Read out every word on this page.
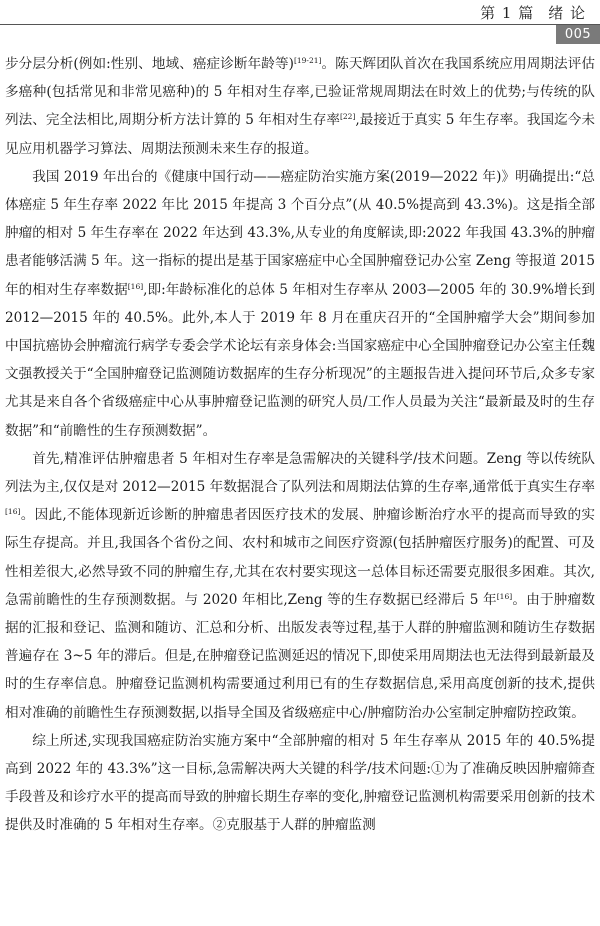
第 1 篇 绪 论
005

步分层分析(例如:性别、地域、癌症诊断年龄等)[19-21]。陈天辉团队首次在我国系统应用周期法评估多癌种(包括常见和非常见癌种)的 5 年相对生存率,已验证常规周期法在时效上的优势;与传统的队列法、完全法相比,周期分析方法计算的 5 年相对生存率[22],最接近于真实 5 年生存率。我国迄今未见应用机器学习算法、周期法预测未来生存的报道。

我国 2019 年出台的《健康中国行动——癌症防治实施方案(2019—2022 年)》明确提出:“总体癌症 5 年生存率 2022 年比 2015 年提高 3 个百分点”(从 40.5%提高到 43.3%)。这是指全部肿瘤的相对 5 年生存率在 2022 年达到 43.3%,从专业的角度解读,即:2022 年我国 43.3%的肿瘤患者能够活满 5 年。这一指标的提出是基于国家癌症中心全国肿瘤登记办公室 Zeng 等报道 2015 年的相对生存率数据[16],即:年龄标准化的总体 5 年相对生存率从 2003—2005 年的 30.9%增长到 2012—2015 年的 40.5%。此外,本人于 2019 年 8 月在重庆召开的“全国肿瘤学大会”期间参加中国抗癌协会肿瘤流行病学专委会学术论坛有亲身体会:当国家癌症中心全国肿瘤登记办公室主任魏文强教授关于“全国肿瘤登记监测随访数据库的生存分析现况”的主题报告进入提问环节后,众多专家尤其是来自各个省级癌症中心从事肿瘤登记监测的研究人员/工作人员最为关注“最新最及时的生存数据”和“前瞻性的生存预测数据”。

首先,精准评估肿瘤患者 5 年相对生存率是急需解决的关键科学/技术问题。Zeng 等以传统队列法为主,仅仅是对 2012—2015 年数据混合了队列法和周期法估算的生存率,通常低于真实生存率[16]。因此,不能体现新近诊断的肿瘤患者因医疗技术的发展、肿瘤诊断治疗水平的提高而导致的实际生存提高。并且,我国各个省份之间、农村和城市之间医疗资源(包括肿瘤医疗服务)的配置、可及性相差很大,必然导致不同的肿瘤生存,尤其在农村要实现这一总体目标还需要克服很多困难。其次,急需前瞻性的生存预测数据。与 2020 年相比,Zeng 等的生存数据已经滞后 5 年[16]。由于肿瘤数据的汇报和登记、监测和随访、汇总和分析、出版发表等过程,基于人群的肿瘤监测和随访生存数据普遍存在 3~5 年的滞后。但是,在肿瘤登记监测延迟的情况下,即使采用周期法也无法得到最新最及时的生存率信息。肿瘤登记监测机构需要通过利用已有的生存数据信息,采用高度创新的技术,提供相对准确的前瞻性生存预测数据,以指导全国及省级癌症中心/肿瘤防治办公室制定肿瘤防控政策。

综上所述,实现我国癌症防治实施方案中“全部肿瘤的相对 5 年生存率从 2015 年的 40.5%提高到 2022 年的 43.3%”这一目标,急需解决两大关键的科学/技术问题:①为了准确反映因肿瘤筛查手段普及和诊疗水平的提高而导致的肿瘤长期生存率的变化,肿瘤登记监测机构需要采用创新的技术提供及时准确的 5 年相对生存率。②克服基于人群的肿瘤监测
